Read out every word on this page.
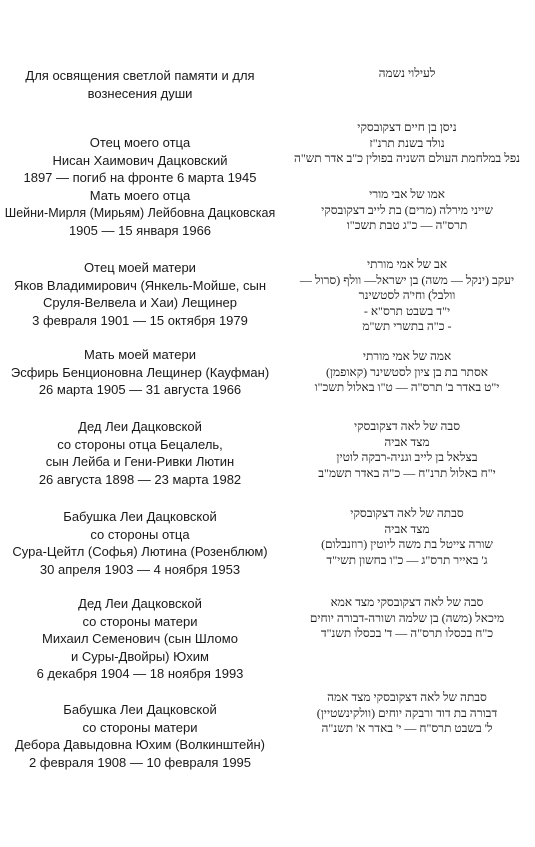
Для освящения светлой памяти и для
вознесения души
Отец моего отца
Нисан Хаимович Дацковский
1897 — погиб на фронте 6 марта 1945
Мать моего отца
Шейни-Мирля (Мирьям) Лейбовна Дацковская
1905 — 15 января 1966
Отец моей матери
Яков Владимирович (Янкель-Мойше, сын
Сруля-Велвела и Хаи) Лещинер
3 февраля 1901 — 15 октября 1979
Мать моей матери
Эсфирь Бенционовна Лещинер (Кауфман)
26 марта 1905 — 31 августа 1966
Дед Леи Дацковской
со стороны отца Бецалель,
сын Лейба и Гени-Ривки Лютин
26 августа 1898 — 23 марта 1982
Бабушка Леи Дацковской
со стороны отца
Сура-Цейтл (Софья) Лютина (Розенблюм)
30 апреля 1903 — 4 ноября 1953
Дед Леи Дацковской
со стороны матери
Михаил Семенович (сын Шломо
и Суры-Двойры) Юхим
6 декабря 1904 — 18 ноября 1993
Бабушка Леи Дацковской
со стороны матери
Дебора Давыдовна Юхим (Волкинштейн)
2 февраля 1908 — 10 февраля 1995
לעילוי נשמה
ניסן בן חיים דצקובסקי
נולד בשנת תרנ"ז
נפל במלחמת העולם השניה בפולין כ"ב אדר תש"ה
אמו של אבי מורי
שייני מירלה (מרים) בת לייב דצקובסקי
תרס"ה — כ"ג טבת תשכ"ו
אב של אמי מורתי
יעקב (ינקל — משה) בן ישראל— וולף (סרול —
וולבל) וחי'ה לסטשינר
י"ד בשבט תרס"א -
- כ"ה בתשרי תש"מ
אמה של אמי מורתי
אסתר בת בן ציון לסטשינר (קאופמן)
י"ט באדר ב' תרס"ה — ט"ו באלול תשכ"ו
סבה של לאה דצקובסקי
מצד אביה
בצלאל בן לייב וגניה-רבקה לוטין
י"ח באלול תרנ"ח — כ"ה באדר תשמ"ב
סבתה של לאה דצקובסקי
מצד אביה
שורה צייטל בת משה ליוטין (רוזנבלום)
ג' באייר תרס"ג — כ"ו בחשון תשי"ד
סבה של לאה דצקובסקי מצד אמא
מיכאל (משה) בן שלמה ושורה-דבורה יוחים
כ"ח בכסלו תרס"ה — ד' בכסלו תשנ"ד
סבתה של לאה דצקובסקי מצד אמה
דבורה בת דוד ורבקה יוחים (וולקינשטיין)
ל' בשבט תרס"ח — י' באדר א' תשנ"ה
